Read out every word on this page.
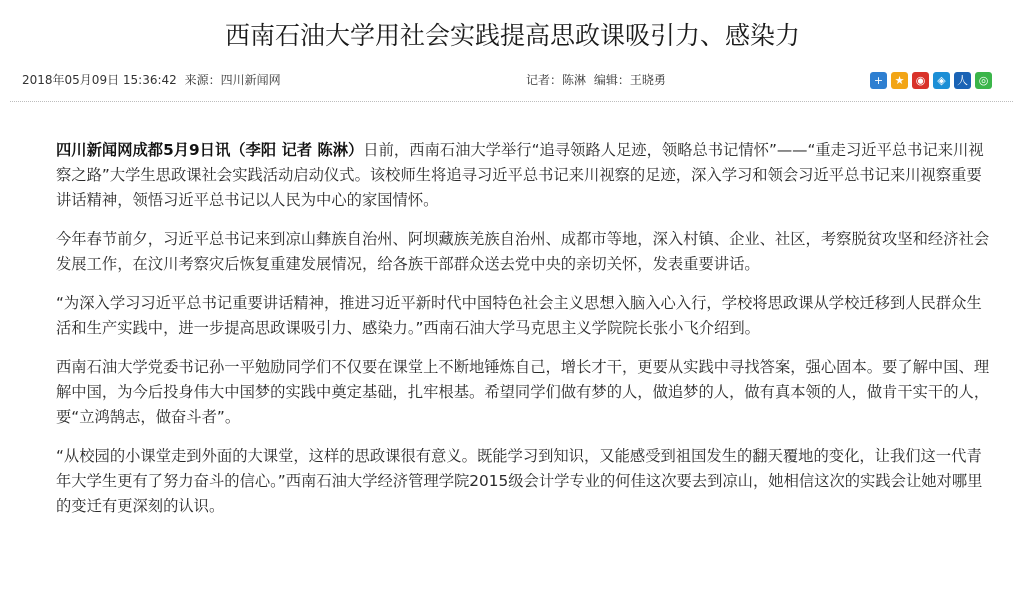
西南石油大学用社会实践提高思政课吸引力、感染力
2018年05月09日 15:36:42 来源：四川新闻网	记者：陈淋 编辑：王晓勇	+ ★ ◉ ◈ 人 ◎

四川新闻网成都5月9日讯（李阳 记者 陈淋）日前，西南石油大学举行“追寻领路人足迹，领略总书记情怀”——“重走习近平总书记来川视察之路”大学生思政课社会实践活动启动仪式。该校师生将追寻习近平总书记来川视察的足迹，深入学习和领会习近平总书记来川视察重要讲话精神，领悟习近平总书记以人民为中心的家国情怀。

今年春节前夕，习近平总书记来到凉山彝族自治州、阿坝藏族羌族自治州、成都市等地，深入村镇、企业、社区，考察脱贫攻坚和经济社会发展工作，在汶川考察灾后恢复重建发展情况，给各族干部群众送去党中央的亲切关怀，发表重要讲话。

“为深入学习习近平总书记重要讲话精神，推进习近平新时代中国特色社会主义思想入脑入心入行，学校将思政课从学校迁移到人民群众生活和生产实践中，进一步提高思政课吸引力、感染力。”西南石油大学马克思主义学院院长张小飞介绍到。

西南石油大学党委书记孙一平勉励同学们不仅要在课堂上不断地锤炼自己，增长才干，更要从实践中寻找答案，强心固本。要了解中国、理解中国，为今后投身伟大中国梦的实践中奠定基础，扎牢根基。希望同学们做有梦的人，做追梦的人，做有真本领的人，做肯干实干的人，要“立鸿鹄志，做奋斗者”。

“从校园的小课堂走到外面的大课堂，这样的思政课很有意义。既能学习到知识，又能感受到祖国发生的翻天覆地的变化，让我们这一代青年大学生更有了努力奋斗的信心。”西南石油大学经济管理学院2015级会计学专业的何佳这次要去到凉山，她相信这次的实践会让她对哪里的变迁有更深刻的认识。
